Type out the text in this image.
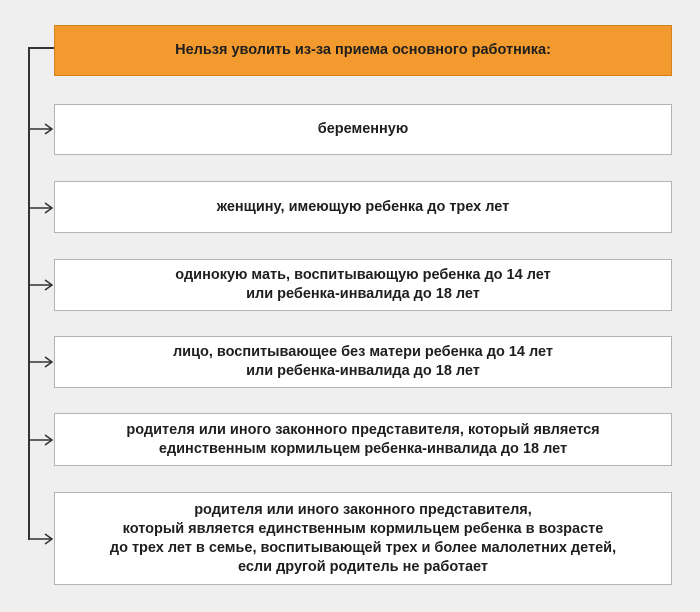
Нельзя уволить из-за приема основного работника:
беременную
женщину, имеющую ребенка до трех лет
одинокую мать, воспитывающую ребенка до 14 лет
или ребенка-инвалида до 18 лет
лицо, воспитывающее без матери ребенка до 14 лет
или ребенка-инвалида до 18 лет
родителя или иного законного представителя, который является
единственным кормильцем ребенка-инвалида до 18 лет
родителя или иного законного представителя,
который является единственным кормильцем ребенка в возрасте
до трех лет в семье, воспитывающей трех и более малолетних детей,
если другой родитель не работает
